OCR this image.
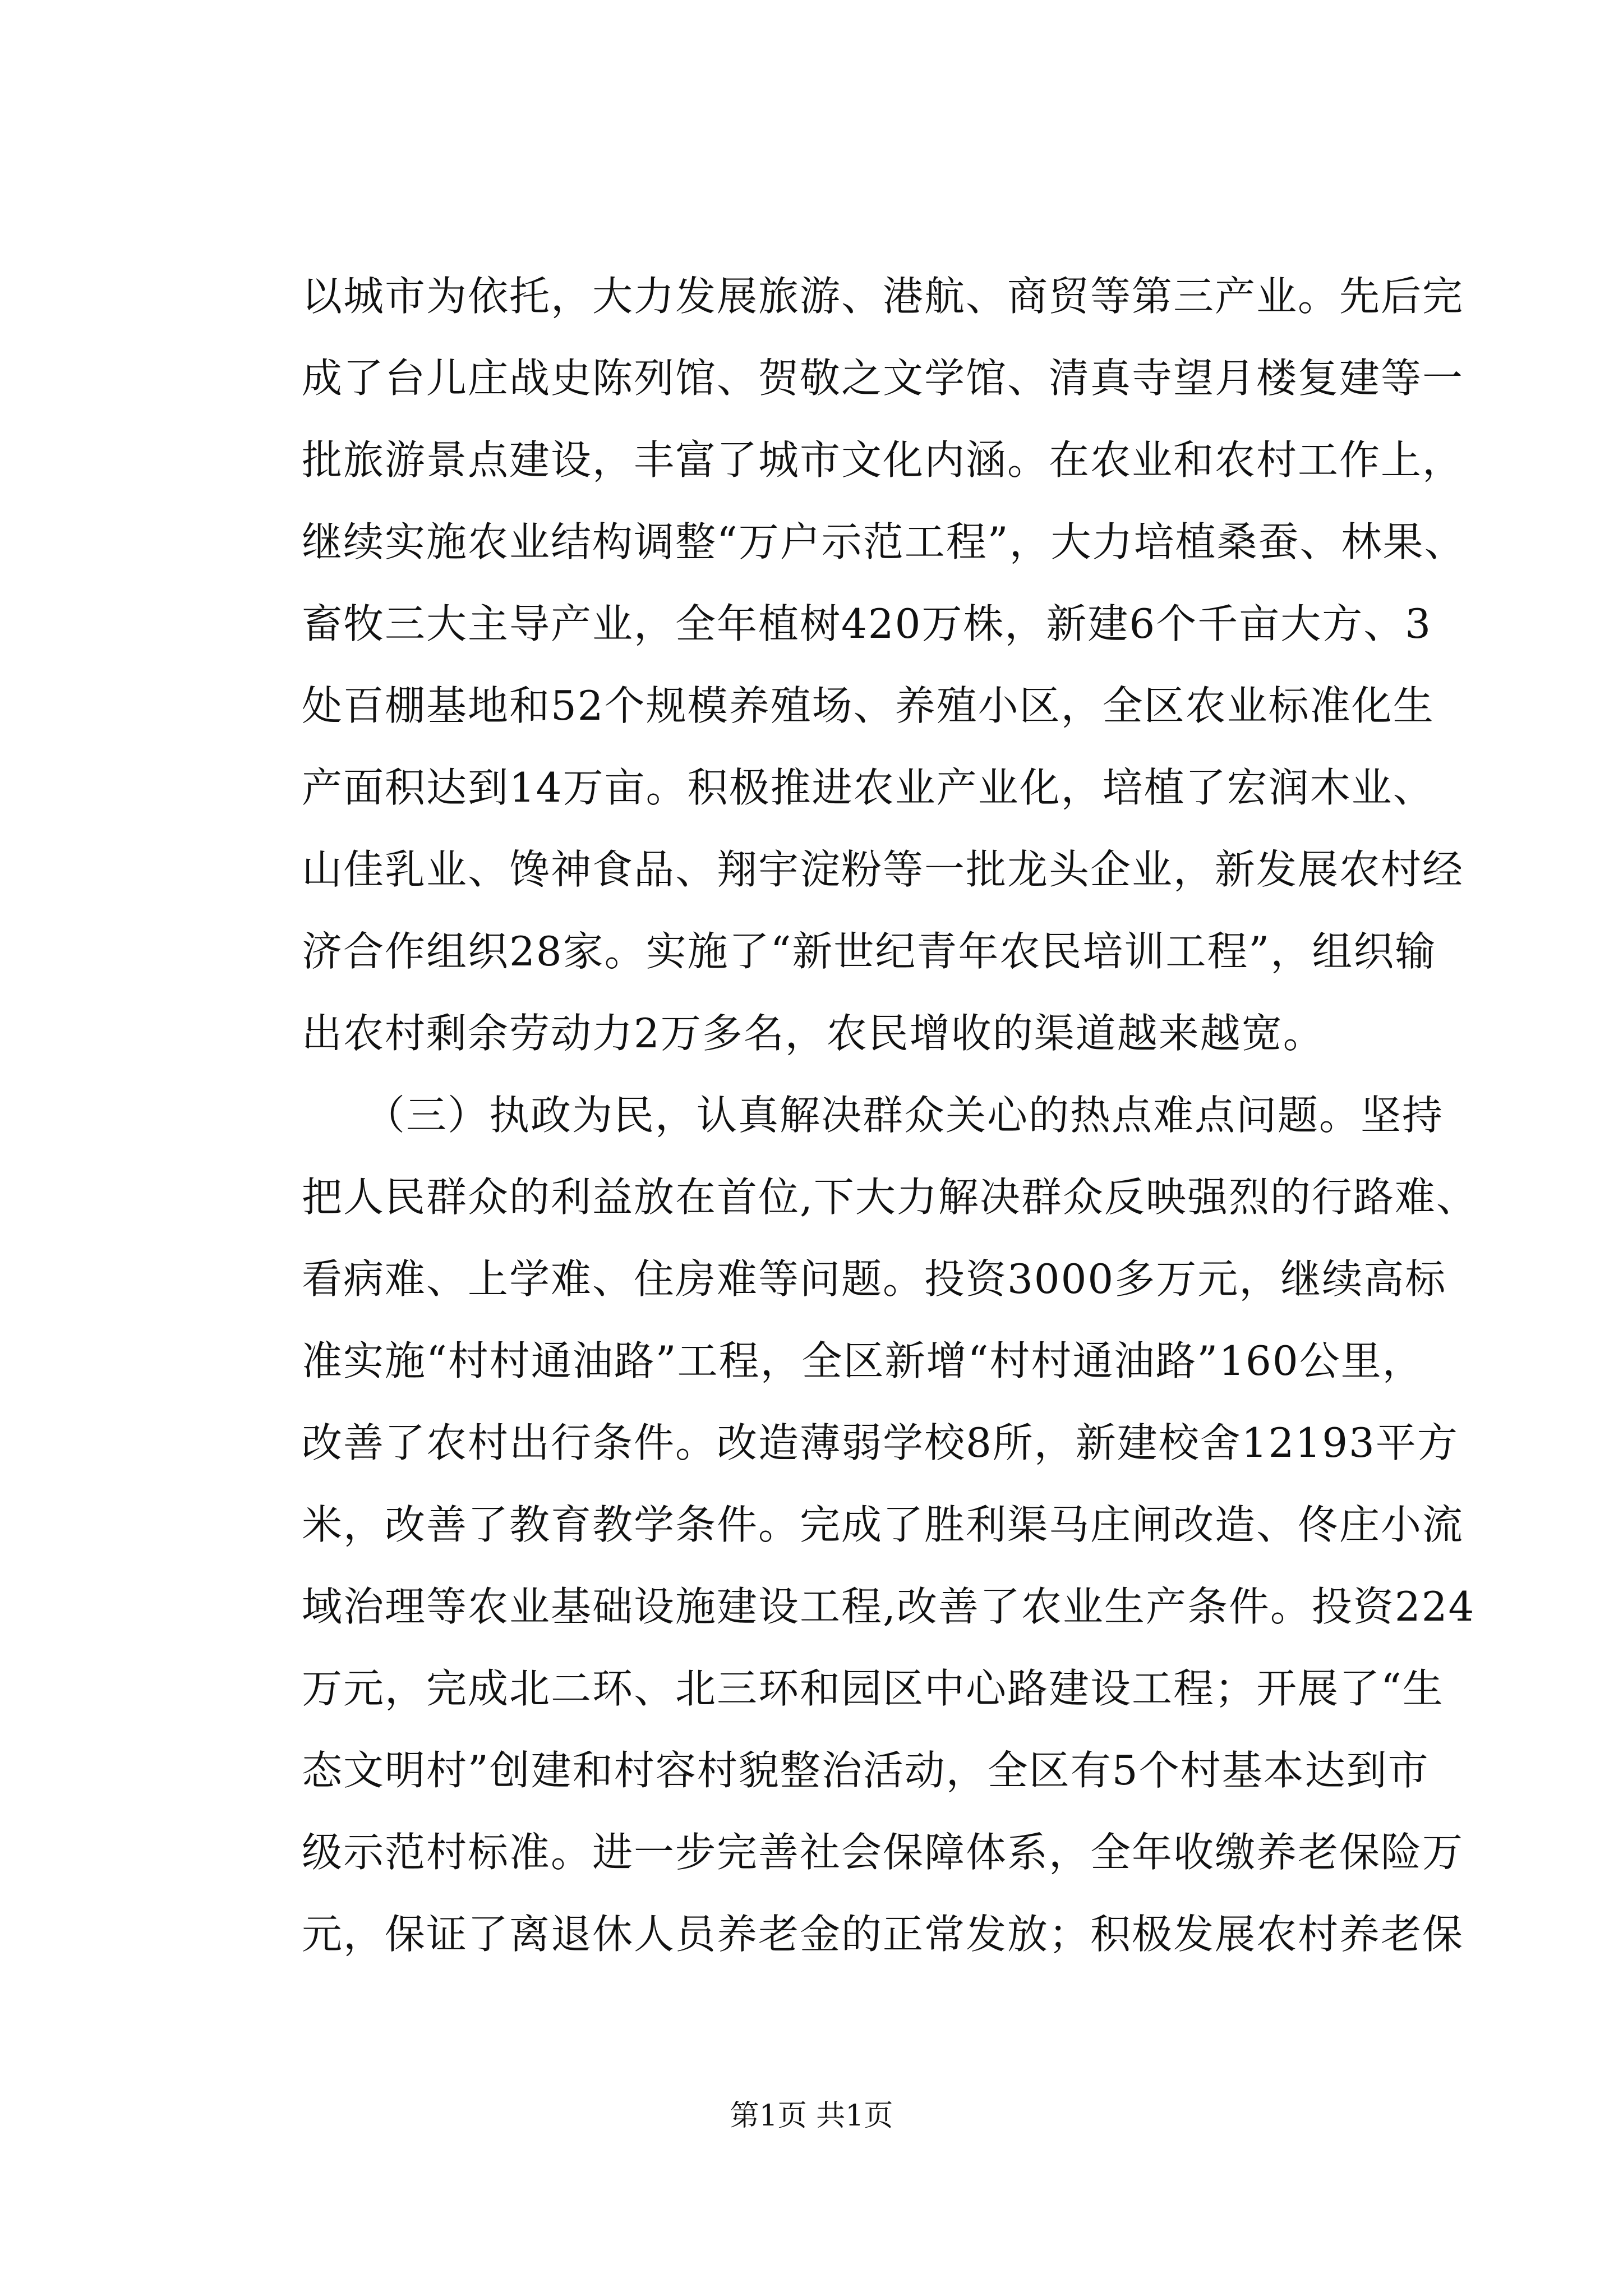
以城市为依托，大力发展旅游、港航、商贸等第三产业。先后完
成了台儿庄战史陈列馆、贺敬之文学馆、清真寺望月楼复建等一
批旅游景点建设，丰富了城市文化内涵。在农业和农村工作上，
继续实施农业结构调整“万户示范工程”，大力培植桑蚕、林果、
畜牧三大主导产业，全年植树420万株，新建6个千亩大方、3
处百棚基地和52个规模养殖场、养殖小区，全区农业标准化生
产面积达到14万亩。积极推进农业产业化，培植了宏润木业、
山佳乳业、馋神食品、翔宇淀粉等一批龙头企业，新发展农村经
济合作组织28家。实施了“新世纪青年农民培训工程”，组织输
出农村剩余劳动力2万多名，农民增收的渠道越来越宽。
　　（三）执政为民，认真解决群众关心的热点难点问题。坚持
把人民群众的利益放在首位,下大力解决群众反映强烈的行路难、
看病难、上学难、住房难等问题。投资3000多万元，继续高标
准实施“村村通油路”工程，全区新增“村村通油路”160公里，
改善了农村出行条件。改造薄弱学校8所，新建校舍12193平方
米，改善了教育教学条件。完成了胜利渠马庄闸改造、佟庄小流
域治理等农业基础设施建设工程,改善了农业生产条件。投资224
万元，完成北二环、北三环和园区中心路建设工程；开展了“生
态文明村”创建和村容村貌整治活动，全区有5个村基本达到市
级示范村标准。进一步完善社会保障体系，全年收缴养老保险万
元，保证了离退休人员养老金的正常发放；积极发展农村养老保
第1页 共1页
